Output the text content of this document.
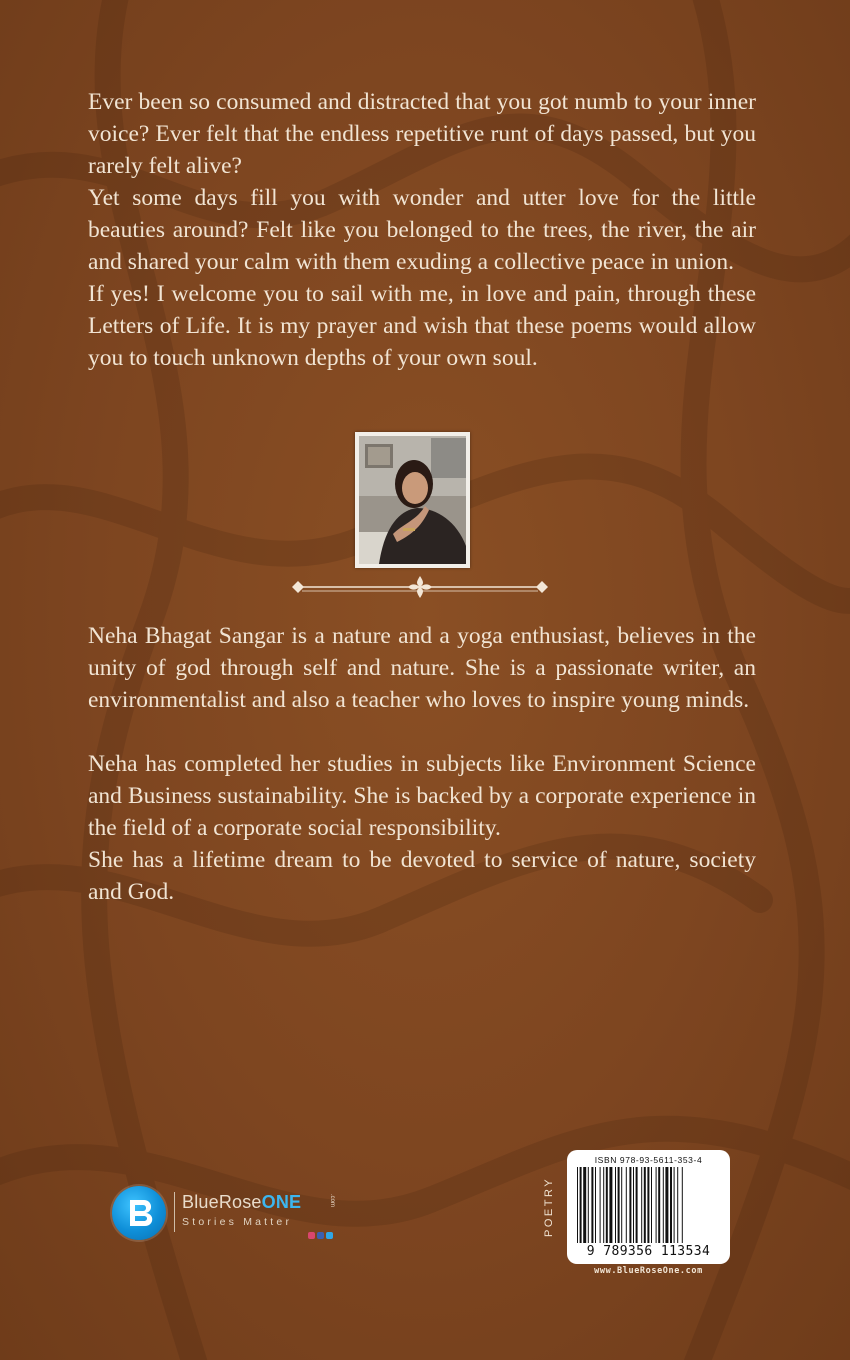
Ever been so consumed and distracted that you got numb to your inner voice? Ever felt that the endless repetitive runt of days passed, but you rarely felt alive?

Yet some days fill you with wonder and utter love for the little beauties around? Felt like you belonged to the trees, the river, the air and shared your calm with them exuding a collective peace in union.

If yes! I welcome you to sail with me, in love and pain, through these Letters of Life. It is my prayer and wish that these poems would allow you to touch unknown depths of your own soul.

Neha Bhagat Sangar is a nature and a yoga enthusiast, believes in the unity of god through self and nature. She is a passionate writer, an environmentalist and also a teacher who loves to inspire young minds.

Neha has completed her studies in subjects like Environment Science and Business sustainability. She is backed by a corporate experience in the field of a corporate social responsibility.

She has a lifetime dream to be devoted to service of nature, society and God.

BlueRoseONE	.com
Stories Matter	POETRY
ISBN 978-93-5611-353-4
9 789356 113534
www.BlueRoseOne.com
